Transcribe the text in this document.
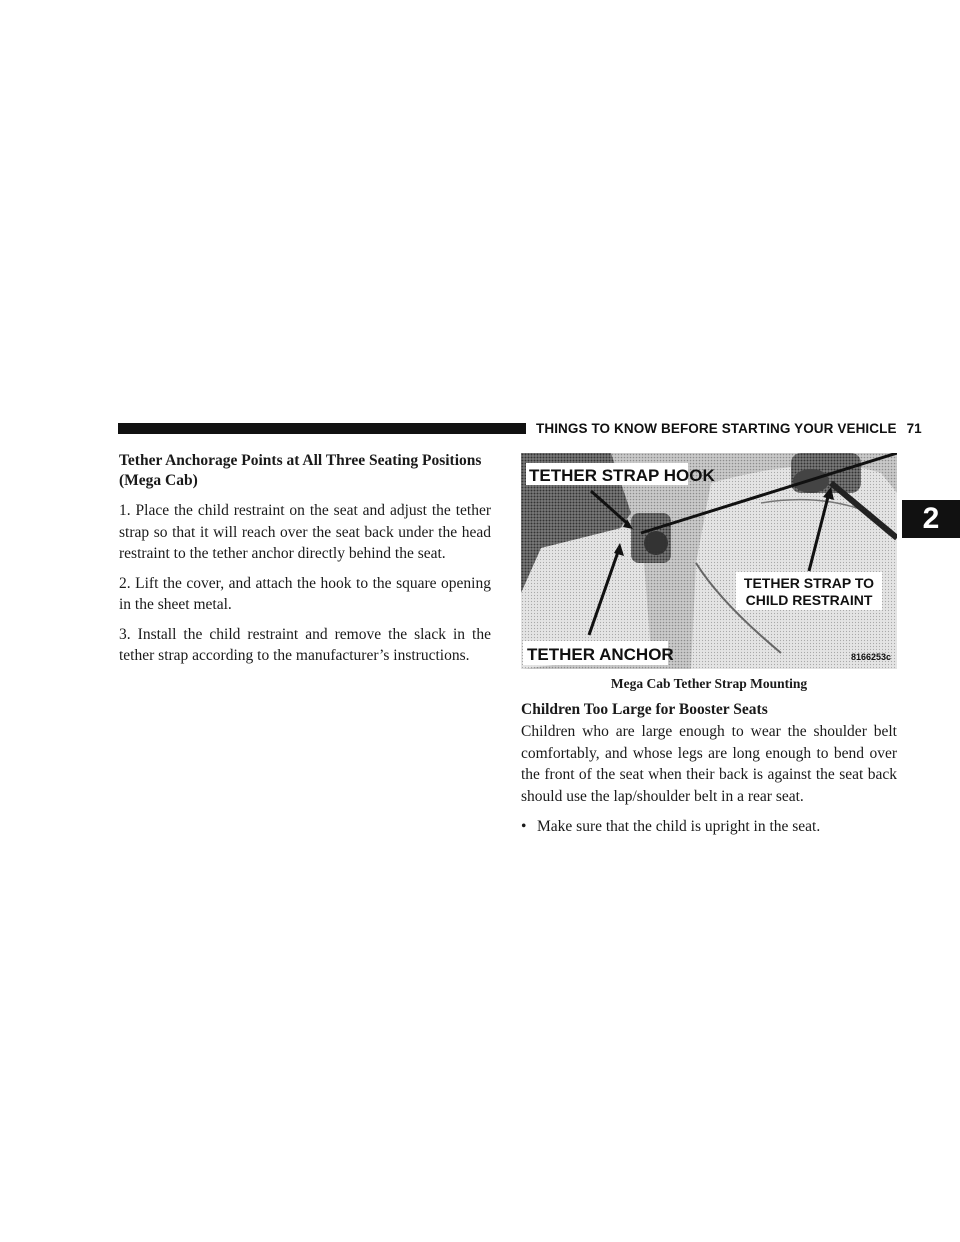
THINGS TO KNOW BEFORE STARTING YOUR VEHICLE 71
2
Tether Anchorage Points at All Three Seating Positions (Mega Cab)

1. Place the child restraint on the seat and adjust the tether strap so that it will reach over the seat back under the head restraint to the tether anchor directly behind the seat.

2. Lift the cover, and attach the hook to the square opening in the sheet metal.

3. Install the child restraint and remove the slack in the tether strap according to the manufacturer’s instructions.

TETHER STRAP HOOK
TETHER STRAP TO
CHILD RESTRAINT
TETHER ANCHOR	8166253c
Mega Cab Tether Strap Mounting
Children Too Large for Booster Seats

Children who are large enough to wear the shoulder belt comfortably, and whose legs are long enough to bend over the front of the seat when their back is against the seat back should use the lap/shoulder belt in a rear seat.

• Make sure that the child is upright in the seat.
